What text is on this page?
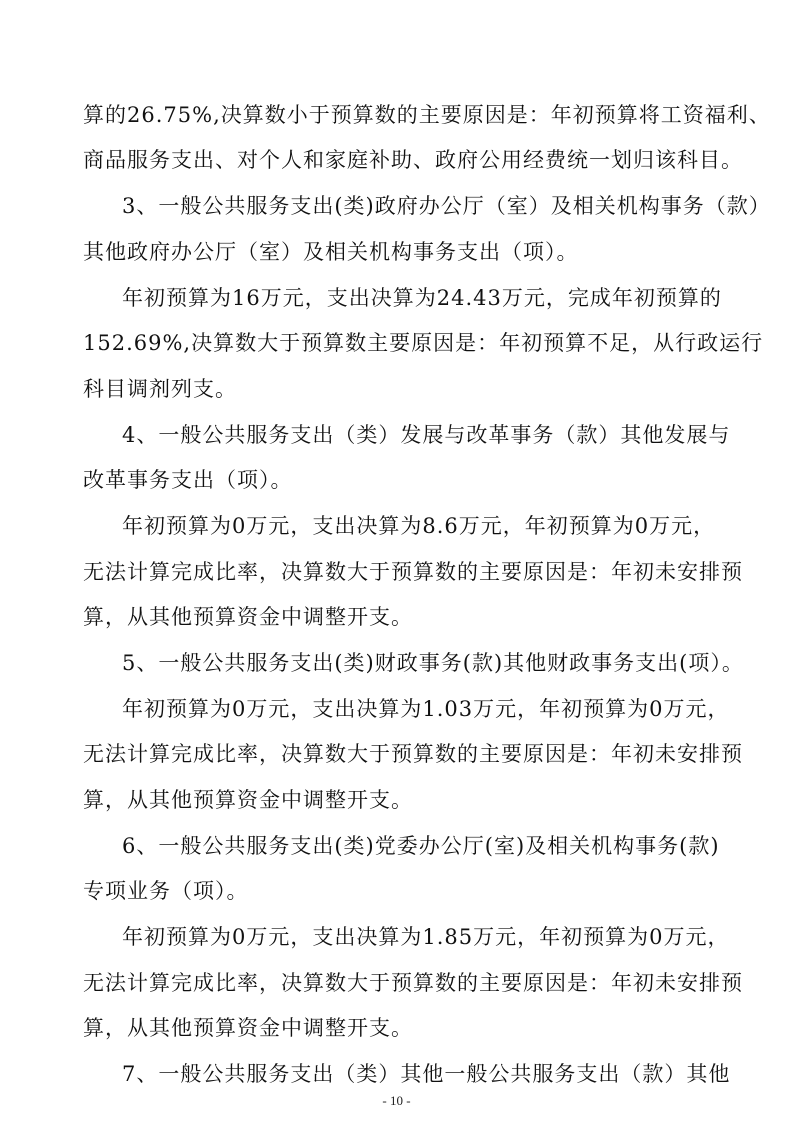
算的26.75%,决算数小于预算数的主要原因是：年初预算将工资福利、
商品服务支出、对个人和家庭补助、政府公用经费统一划归该科目。
3、一般公共服务支出(类)政府办公厅（室）及相关机构事务（款）
其他政府办公厅（室）及相关机构事务支出（项）。
年初预算为16万元，支出决算为24.43万元，完成年初预算的
152.69%,决算数大于预算数主要原因是：年初预算不足，从行政运行
科目调剂列支。
4、一般公共服务支出（类）发展与改革事务（款）其他发展与
改革事务支出（项）。
年初预算为0万元，支出决算为8.6万元，年初预算为0万元，
无法计算完成比率，决算数大于预算数的主要原因是：年初未安排预
算，从其他预算资金中调整开支。
5、一般公共服务支出(类)财政事务(款)其他财政事务支出(项）。
年初预算为0万元，支出决算为1.03万元，年初预算为0万元，
无法计算完成比率，决算数大于预算数的主要原因是：年初未安排预
算，从其他预算资金中调整开支。
6、一般公共服务支出(类)党委办公厅(室)及相关机构事务(款)
专项业务（项）。
年初预算为0万元，支出决算为1.85万元，年初预算为0万元，
无法计算完成比率，决算数大于预算数的主要原因是：年初未安排预
算，从其他预算资金中调整开支。
7、一般公共服务支出（类）其他一般公共服务支出（款）其他
- 10 -
